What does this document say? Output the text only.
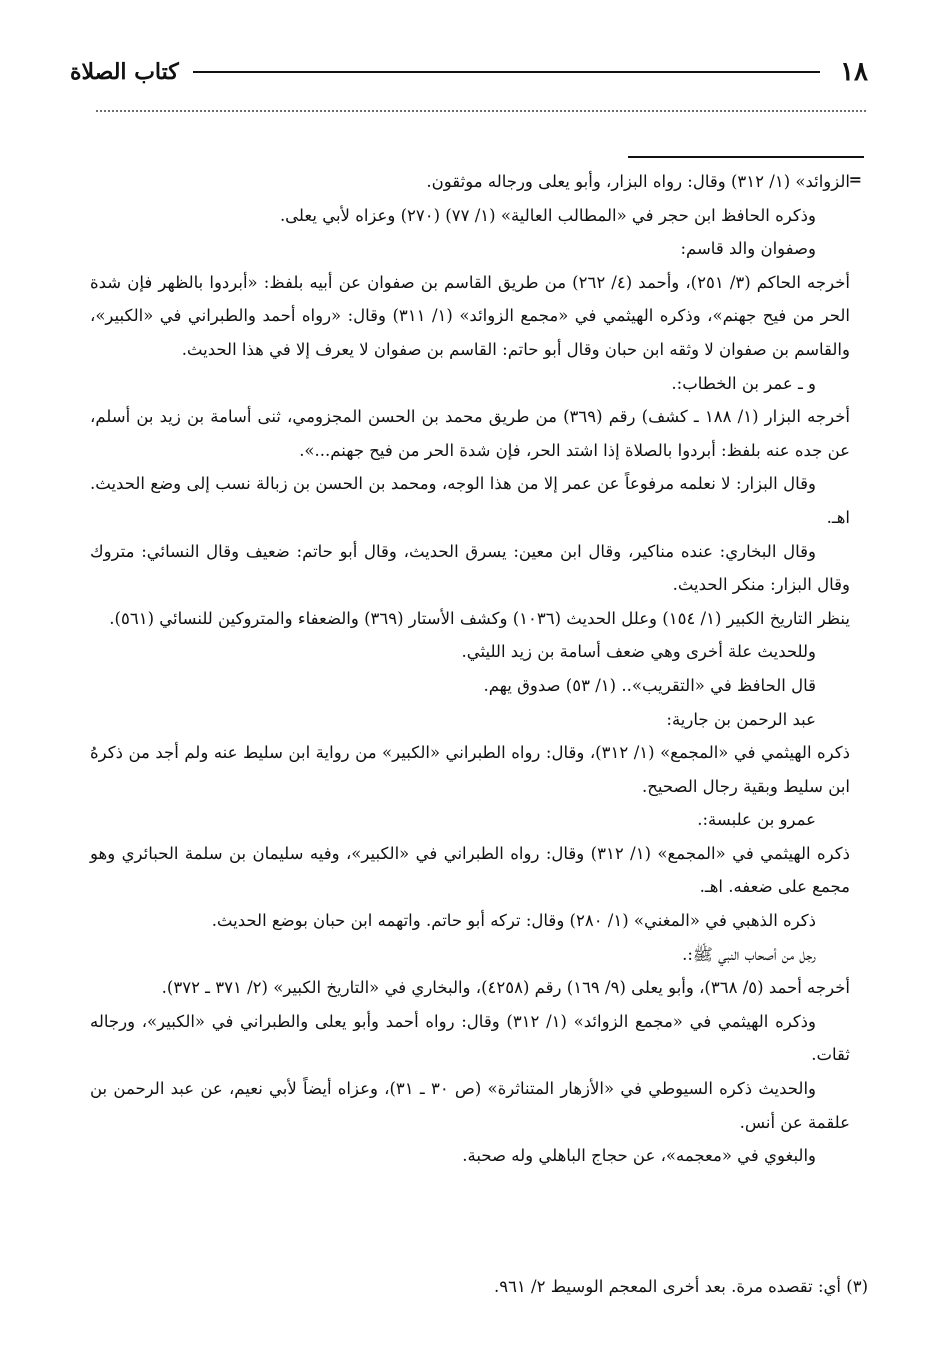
١٨
كتاب الصلاة
=

الزوائد» (١/ ٣١٢) وقال: رواه البزار، وأبو يعلى ورجاله موثقون.

وذكره الحافظ ابن حجر في «المطالب العالية» (١/ ٧٧) (٢٧٠) وعزاه لأبي يعلى.

وصفوان والد قاسم:

أخرجه الحاكم (٣/ ٢٥١)، وأحمد (٤/ ٢٦٢) من طريق القاسم بن صفوان عن أبيه بلفظ: «أبردوا بالظهر فإن شدة الحر من فيح جهنم»، وذكره الهيثمي في «مجمع الزوائد» (١/ ٣١١) وقال: «رواه أحمد والطبراني في «الكبير»، والقاسم بن صفوان لا وثقه ابن حبان وقال أبو حاتم: القاسم بن صفوان لا يعرف إلا في هذا الحديث.

و ـ عمر بن الخطاب:.

أخرجه البزار (١/ ١٨٨ ـ كشف) رقم (٣٦٩) من طريق محمد بن الحسن المجزومي، ثنى أسامة بن زيد بن أسلم، عن جده عنه بلفظ: أبردوا بالصلاة إذا اشتد الحر، فإن شدة الحر من فيح جهنم...».

وقال البزار: لا نعلمه مرفوعاً عن عمر إلا من هذا الوجه، ومحمد بن الحسن بن زبالة نسب إلى وضع الحديث. اهـ.

وقال البخاري: عنده مناكير، وقال ابن معين: يسرق الحديث، وقال أبو حاتم: ضعيف وقال النسائي: متروك وقال البزار: منكر الحديث.

ينظر التاريخ الكبير (١/ ١٥٤) وعلل الحديث (١٠٣٦) وكشف الأستار (٣٦٩) والضعفاء والمتروكين للنسائي (٥٦١).

وللحديث علة أخرى وهي ضعف أسامة بن زيد الليثي.

قال الحافظ في «التقريب».. (١/ ٥٣) صدوق يهم.

عبد الرحمن بن جارية:

ذكره الهيثمي في «المجمع» (١/ ٣١٢)، وقال: رواه الطبراني «الكبير» من رواية ابن سليط عنه ولم أجد من ذكرهُ ابن سليط وبقية رجال الصحيح.

عمرو بن علبسة:.

ذكره الهيثمي في «المجمع» (١/ ٣١٢) وقال: رواه الطبراني في «الكبير»، وفيه سليمان بن سلمة الحبائري وهو مجمع على ضعفه. اهـ.

ذكره الذهبي في «المغني» (١/ ٢٨٠) وقال: تركه أبو حاتم. واتهمه ابن حبان بوضع الحديث.

رجل من أصحاب النبي ﷺ:.

أخرجه أحمد (٥/ ٣٦٨)، وأبو يعلى (٩/ ١٦٩) رقم (٤٢٥٨)، والبخاري في «التاريخ الكبير» (٢/ ٣٧١ ـ ٣٧٢).

وذكره الهيثمي في «مجمع الزوائد» (١/ ٣١٢) وقال: رواه أحمد وأبو يعلى والطبراني في «الكبير»، ورجاله ثقات.

والحديث ذكره السيوطي في «الأزهار المتناثرة» (ص ٣٠ ـ ٣١)، وعزاه أيضاً لأبي نعيم، عن عبد الرحمن بن علقمة عن أنس.

والبغوي في «معجمه»، عن حجاج الباهلي وله صحبة.

(٣) أي: تقصده مرة. بعد أخرى المعجم الوسيط ٢/ ٩٦١.
